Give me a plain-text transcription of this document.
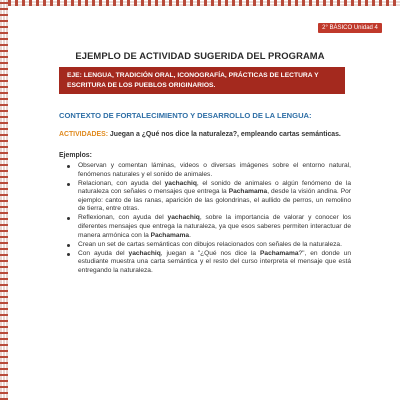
2° BÁSICO Unidad 4
EJEMPLO DE ACTIVIDAD SUGERIDA DEL PROGRAMA
EJE: LENGUA, TRADICIÓN ORAL, ICONOGRAFÍA, PRÁCTICAS DE LECTURA Y ESCRITURA DE LOS PUEBLOS ORIGINARIOS.
CONTEXTO DE FORTALECIMIENTO Y DESARROLLO DE LA LENGUA:
ACTIVIDADES: Juegan a ¿Qué nos dice la naturaleza?, empleando cartas semánticas.
Ejemplos:
Observan y comentan láminas, videos o diversas imágenes sobre el entorno natural, fenómenos naturales y el sonido de animales.
Relacionan, con ayuda del yachachiq, el sonido de animales o algún fenómeno de la naturaleza con señales o mensajes que entrega la Pachamama, desde la visión andina. Por ejemplo: canto de las ranas, aparición de las golondrinas, el aullido de perros, un remolino de tierra, entre otras.
Reflexionan, con ayuda del yachachiq, sobre la importancia de valorar y conocer los diferentes mensajes que entrega la naturaleza, ya que esos saberes permiten interactuar de manera armónica con la Pachamama.
Crean un set de cartas semánticas con dibujos relacionados con señales de la naturaleza.
Con ayuda del yachachiq, juegan a "¿Qué nos dice la Pachamama?", en donde un estudiante muestra una carta semántica y el resto del curso interpreta el mensaje que está entregando la naturaleza.
